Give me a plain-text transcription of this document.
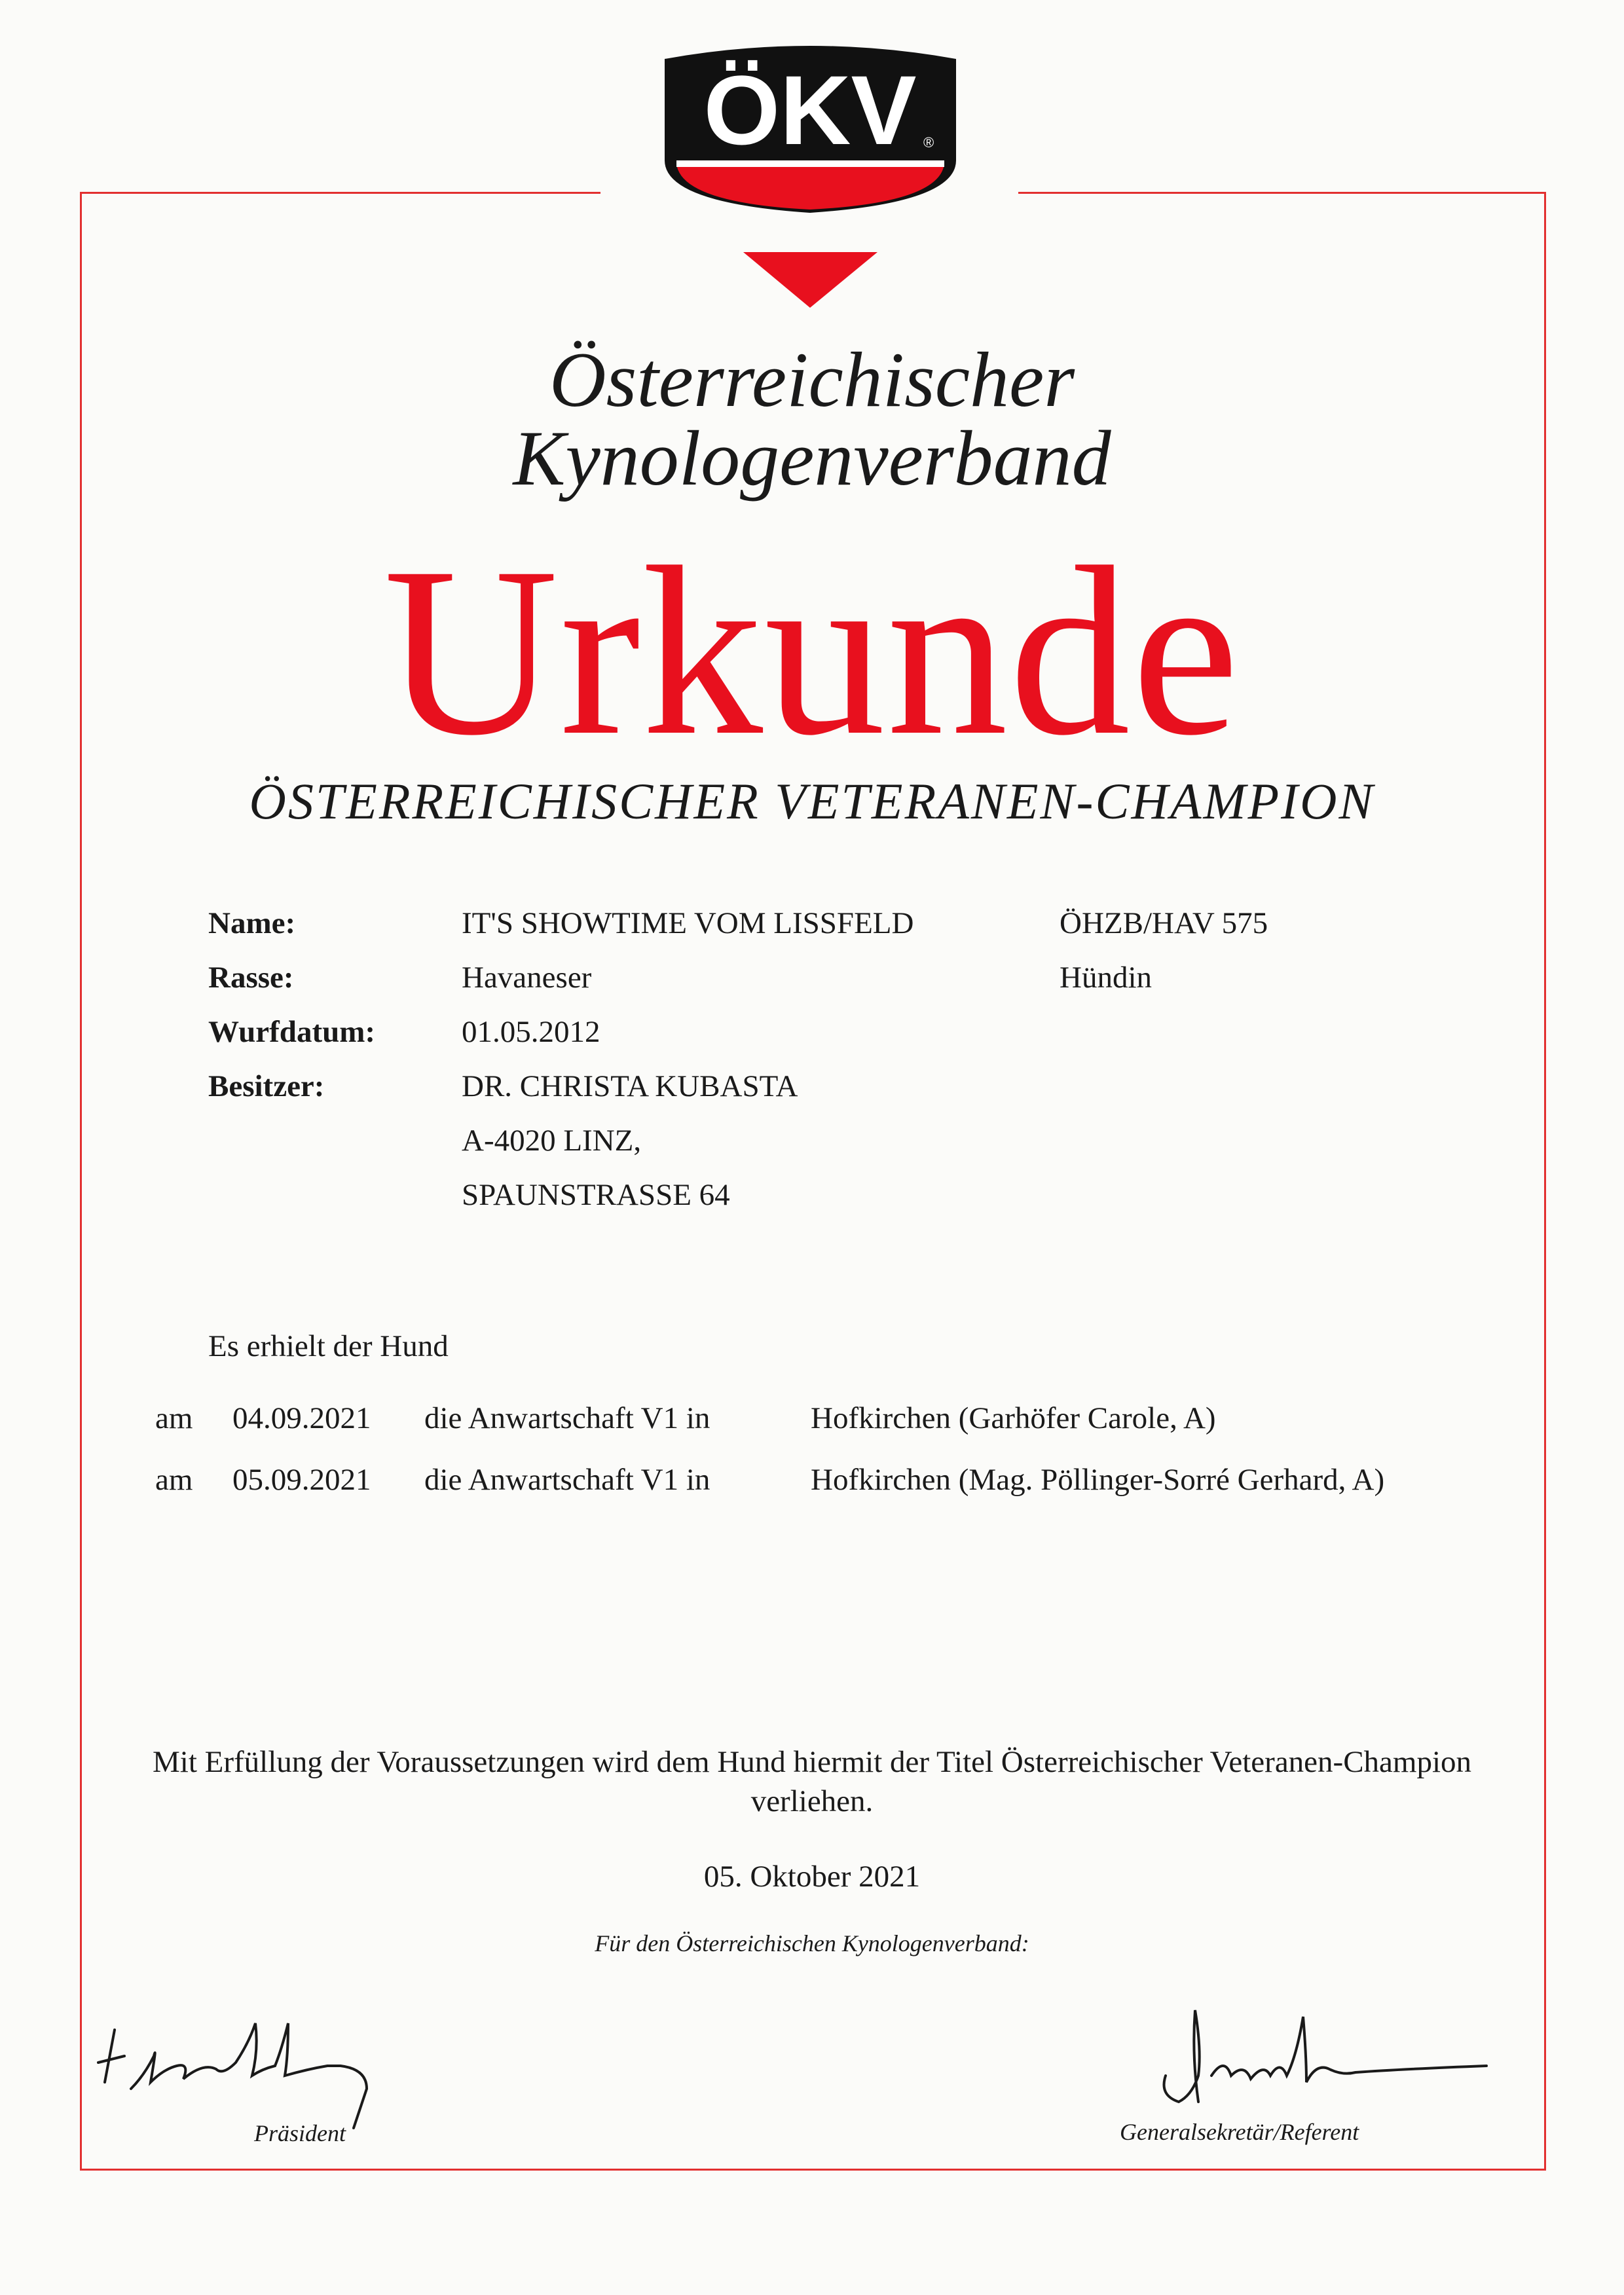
ÖKV ®
Österreichischer
Kynologenverband
Urkunde
ÖSTERREICHISCHER VETERANEN-CHAMPION
Name:	IT'S SHOWTIME VOM LISSFELD	ÖHZB/HAV 575
Rasse:	Havaneser	Hündin
Wurfdatum:	01.05.2012
Besitzer:	DR. CHRISTA KUBASTA
A-4020 LINZ,
SPAUNSTRASSE 64
Es erhielt der Hund
am 04.09.2021 die Anwartschaft V1 in	Hofkirchen (Garhöfer Carole, A)
am 05.09.2021 die Anwartschaft V1 in	Hofkirchen (Mag. Pöllinger-Sorré Gerhard, A)
Mit Erfüllung der Voraussetzungen wird dem Hund hiermit der Titel Österreichischer Veteranen-Champion
verliehen.
05. Oktober 2021
Für den Österreichischen Kynologenverband:
Präsident	Generalsekretär/Referent
